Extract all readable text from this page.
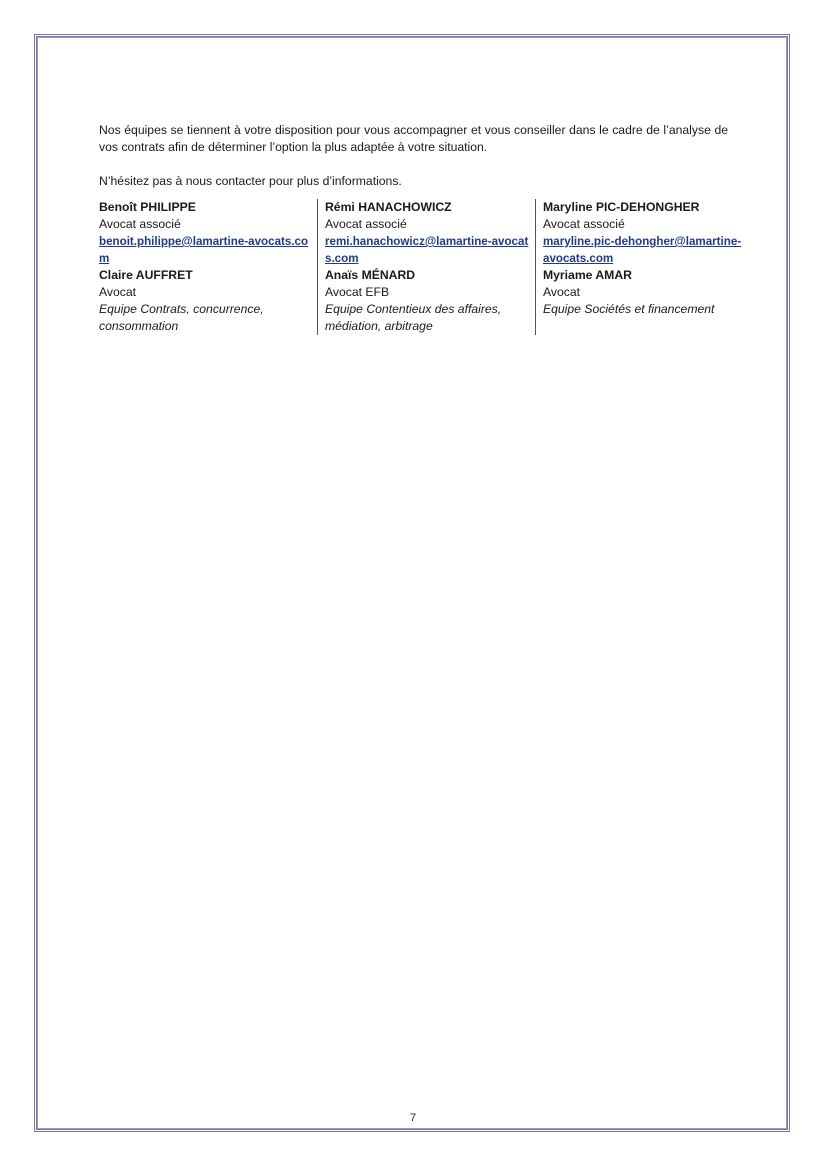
Nos équipes se tiennent à votre disposition pour vous accompagner et vous conseiller dans le cadre de l’analyse de vos contrats afin de déterminer l’option la plus adaptée à votre situation.

N’hésitez pas à nous contacter pour plus d’informations.

Benoît PHILIPPE
Avocat associé
benoit.philippe@lamartine-avocats.com
Claire AUFFRET
Avocat
Equipe Contrats, concurrence, consommation
Rémi HANACHOWICZ
Avocat associé
remi.hanachowicz@lamartine-avocats.com
Anaïs MÉNARD
Avocat EFB
Equipe Contentieux des affaires, médiation, arbitrage
Maryline PIC-DEHONGHER
Avocat associé
maryline.pic-dehongher@lamartine-avocats.com
Myriame AMAR
Avocat
Equipe Sociétés et financement
7
